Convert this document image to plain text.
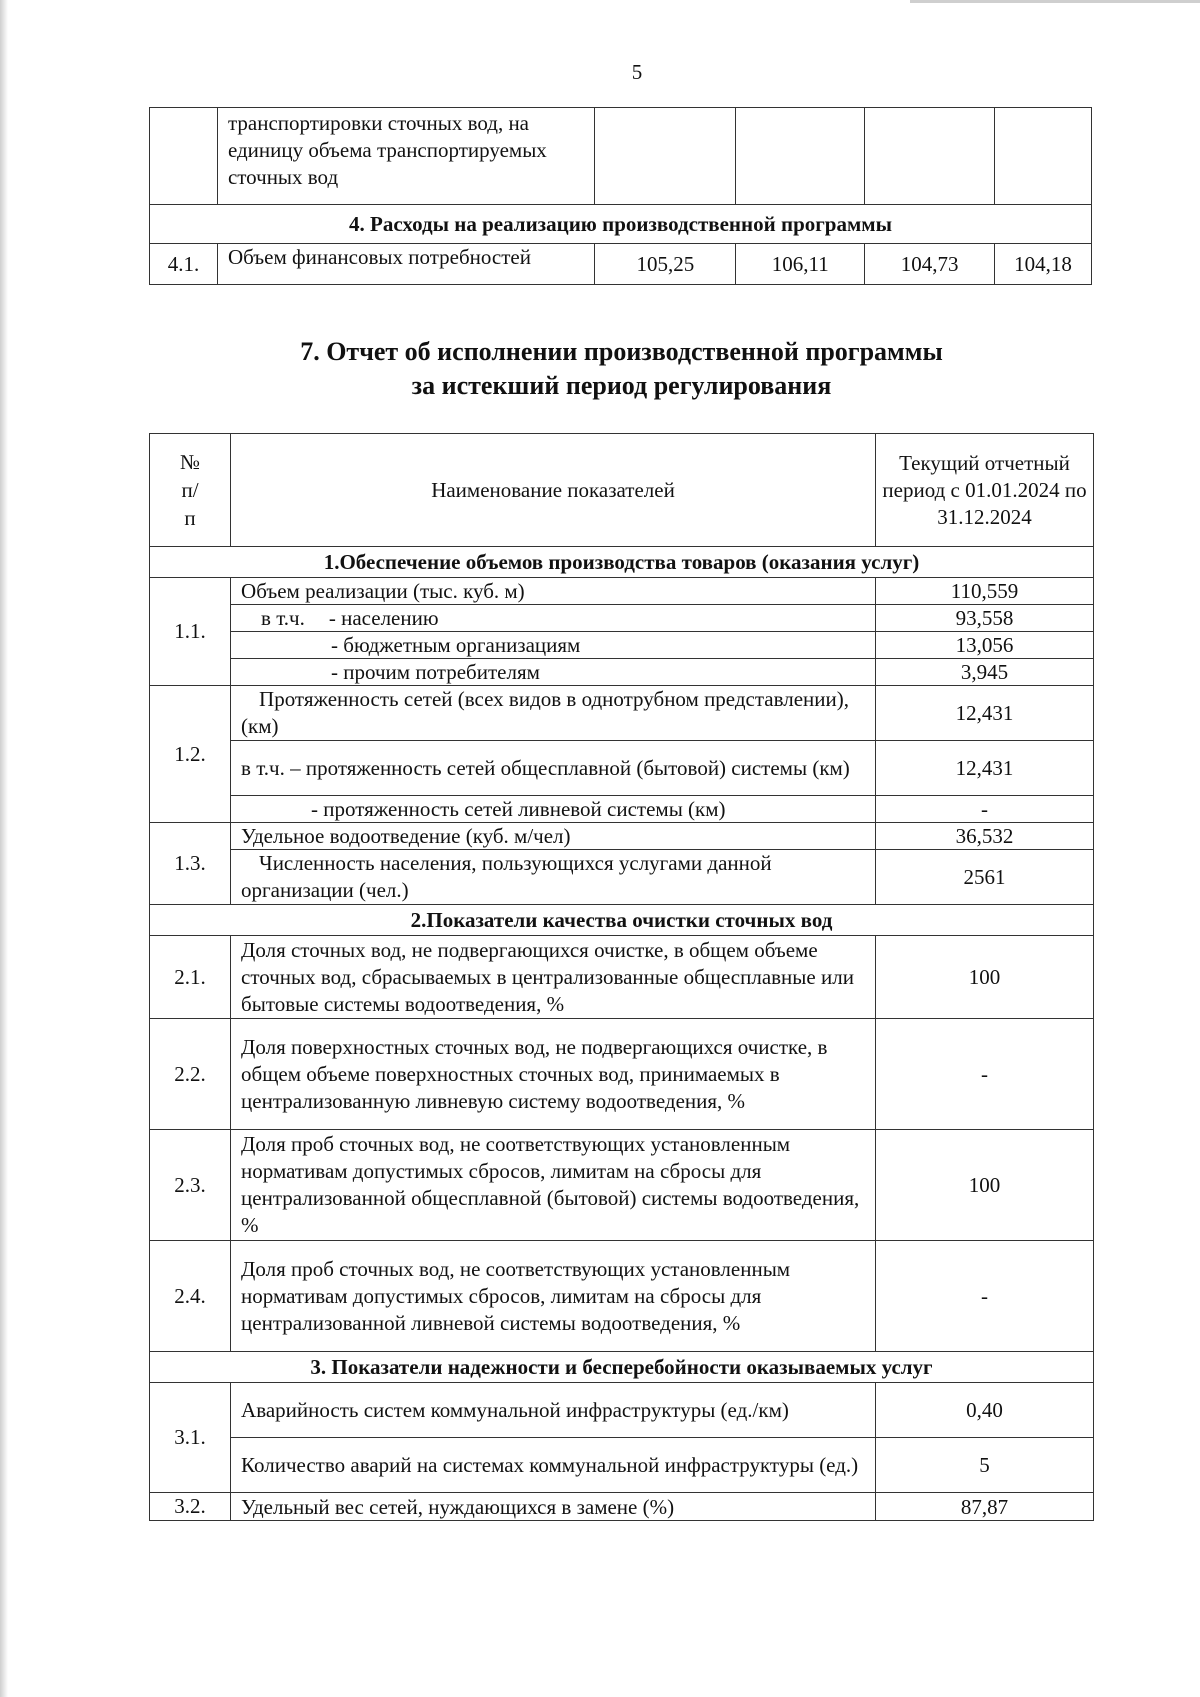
5
	транспортировки сточных вод, на единицу объема транспортируемых сточных вод				
4. Расходы на реализацию производственной программы					
4.1.	Объем финансовых потребностей	105,25	106,11	104,73	104,18
7. Отчет об исполнении производственной программы
за истекший период регулирования
№ п/п	Наименование показателей	Текущий отчетный период с 01.01.2024 по 31.12.2024
1.Обеспечение объемов производства товаров (оказания услуг)		
1.1.	Объем реализации (тыс. куб. м)	110,559
	в т.ч. - населению	93,558
	- бюджетным организациям	13,056
	- прочим потребителям	3,945
1.2.	Протяженность сетей (всех видов в однотрубном представлении), (км)	12,431
	в т.ч. – протяженность сетей общесплавной (бытовой) системы (км)	12,431
	- протяженность сетей ливневой системы (км)	-
1.3.	Удельное водоотведение (куб. м/чел)	36,532
	Численность населения, пользующихся услугами данной организации (чел.)	2561
2.Показатели качества очистки сточных вод		
2.1.	Доля сточных вод, не подвергающихся очистке, в общем объеме сточных вод, сбрасываемых в централизованные общесплавные или бытовые системы водоотведения, %	100
2.2.	Доля поверхностных сточных вод, не подвергающихся очистке, в общем объеме поверхностных сточных вод, принимаемых в централизованную ливневую систему водоотведения, %	-
2.3.	Доля проб сточных вод, не соответствующих установленным нормативам допустимых сбросов, лимитам на сбросы для централизованной общесплавной (бытовой) системы водоотведения, %	100
2.4.	Доля проб сточных вод, не соответствующих установленным нормативам допустимых сбросов, лимитам на сбросы для централизованной ливневой системы водоотведения, %	-
3. Показатели надежности и бесперебойности оказываемых услуг		
3.1.	Аварийность систем коммунальной инфраструктуры (ед./км)	0,40
	Количество аварий на системах коммунальной инфраструктуры (ед.)	5
3.2.	Удельный вес сетей, нуждающихся в замене (%)	87,87
